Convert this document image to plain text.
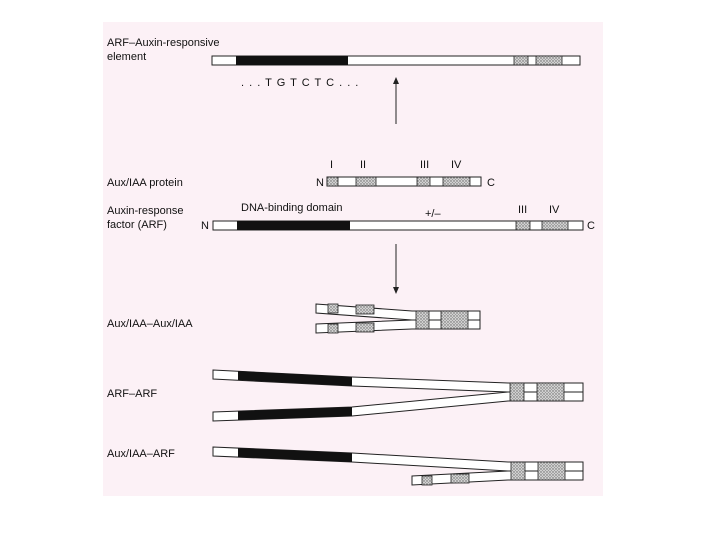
ARF–Auxin-responsive
element
. . . T G T C T C . . .
Aux/IAA protein	N	C
I II	III IV
Auxin-response
factor (ARF)	N	C
DNA-binding domain	+/–	III IV
Aux/IAA–Aux/IAA
ARF–ARF
Aux/IAA–ARF
